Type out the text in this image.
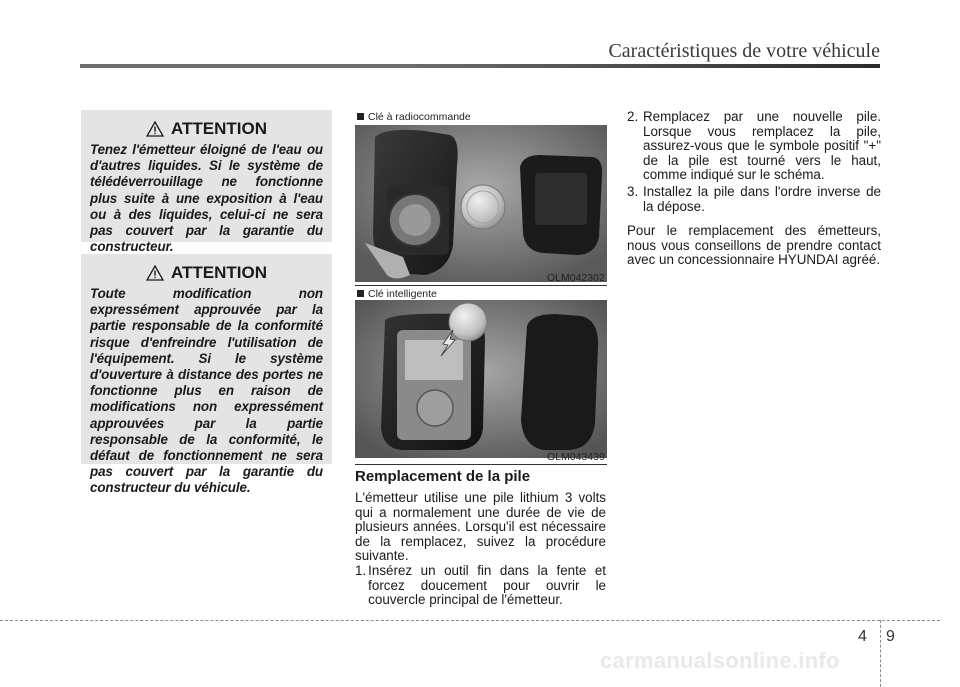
Caractéristiques de votre véhicule
ATTENTION
Tenez l'émetteur éloigné de l'eau ou d'autres liquides. Si le système de télédéverrouillage ne fonctionne plus suite à une exposition à l'eau ou à des liquides, celui-ci ne sera pas couvert par la garantie du constructeur.
ATTENTION
Toute modification non expressément approuvée par la partie responsable de la conformité risque d'enfreindre l'utilisation de l'équipement. Si le système d'ouverture à distance des portes ne fonctionne plus en raison de modifications non expressément approuvées par la partie responsable de la conformité, le défaut de fonctionnement ne sera pas couvert par la garantie du constructeur du véhicule.
Clé à radiocommande
OLM042302
Clé intelligente
OLM043439
Remplacement de la pile
L'émetteur utilise une pile lithium 3 volts qui a normalement une durée de vie de plusieurs années. Lorsqu'il est nécessaire de la remplacez, suivez la procédure suivante.
1. Insérez un outil fin dans la fente et forcez doucement pour ouvrir le couvercle principal de l'émetteur.
2. Remplacez par une nouvelle pile. Lorsque vous remplacez la pile, assurez-vous que le symbole positif "+" de la pile est tourné vers le haut, comme indiqué sur le schéma.
3. Installez la pile dans l'ordre inverse de la dépose.
Pour le remplacement des émetteurs, nous vous conseillons de prendre contact avec un concessionnaire HYUNDAI agréé.
4 9
carmanualsonline.info
